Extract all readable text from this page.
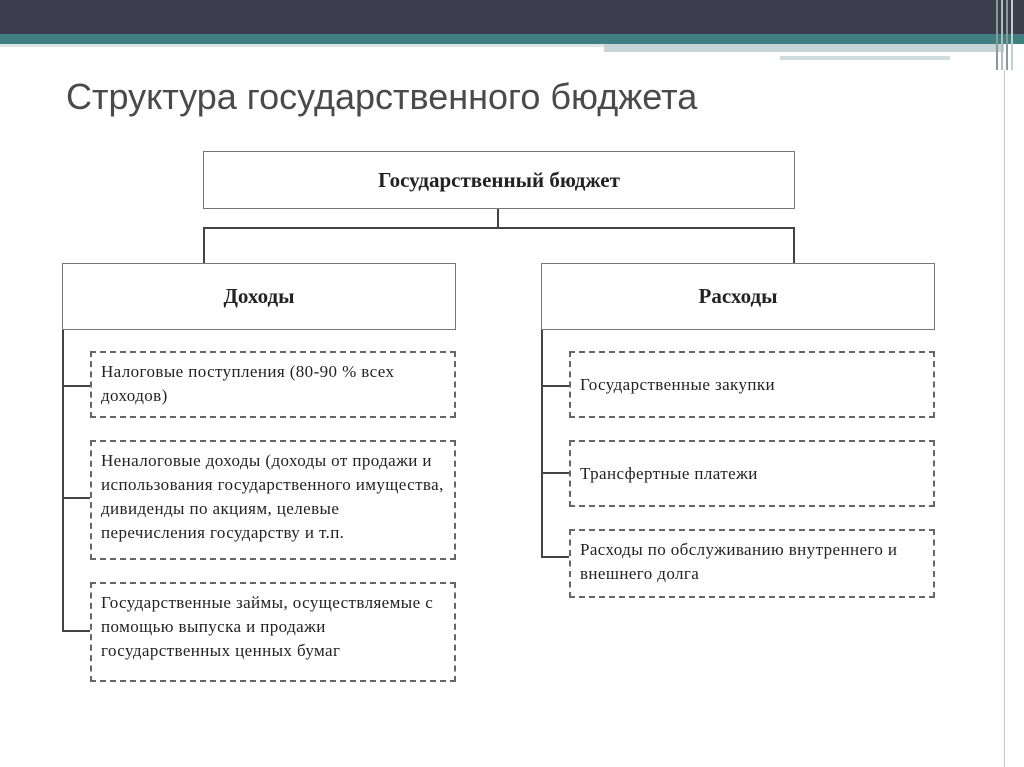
Структура государственного бюджета
Государственный бюджет
Доходы	Расходы
Налоговые поступления (80-90 % всех доходов)
Неналоговые доходы (доходы от продажи и использования государственного имущества, дивиденды по акциям, целевые перечисления государству и т.п.
Государственные займы, осуществляемые с помощью выпуска и продажи государственных ценных бумаг
Государственные закупки
Трансфертные платежи
Расходы по обслуживанию внутреннего и внешнего долга
